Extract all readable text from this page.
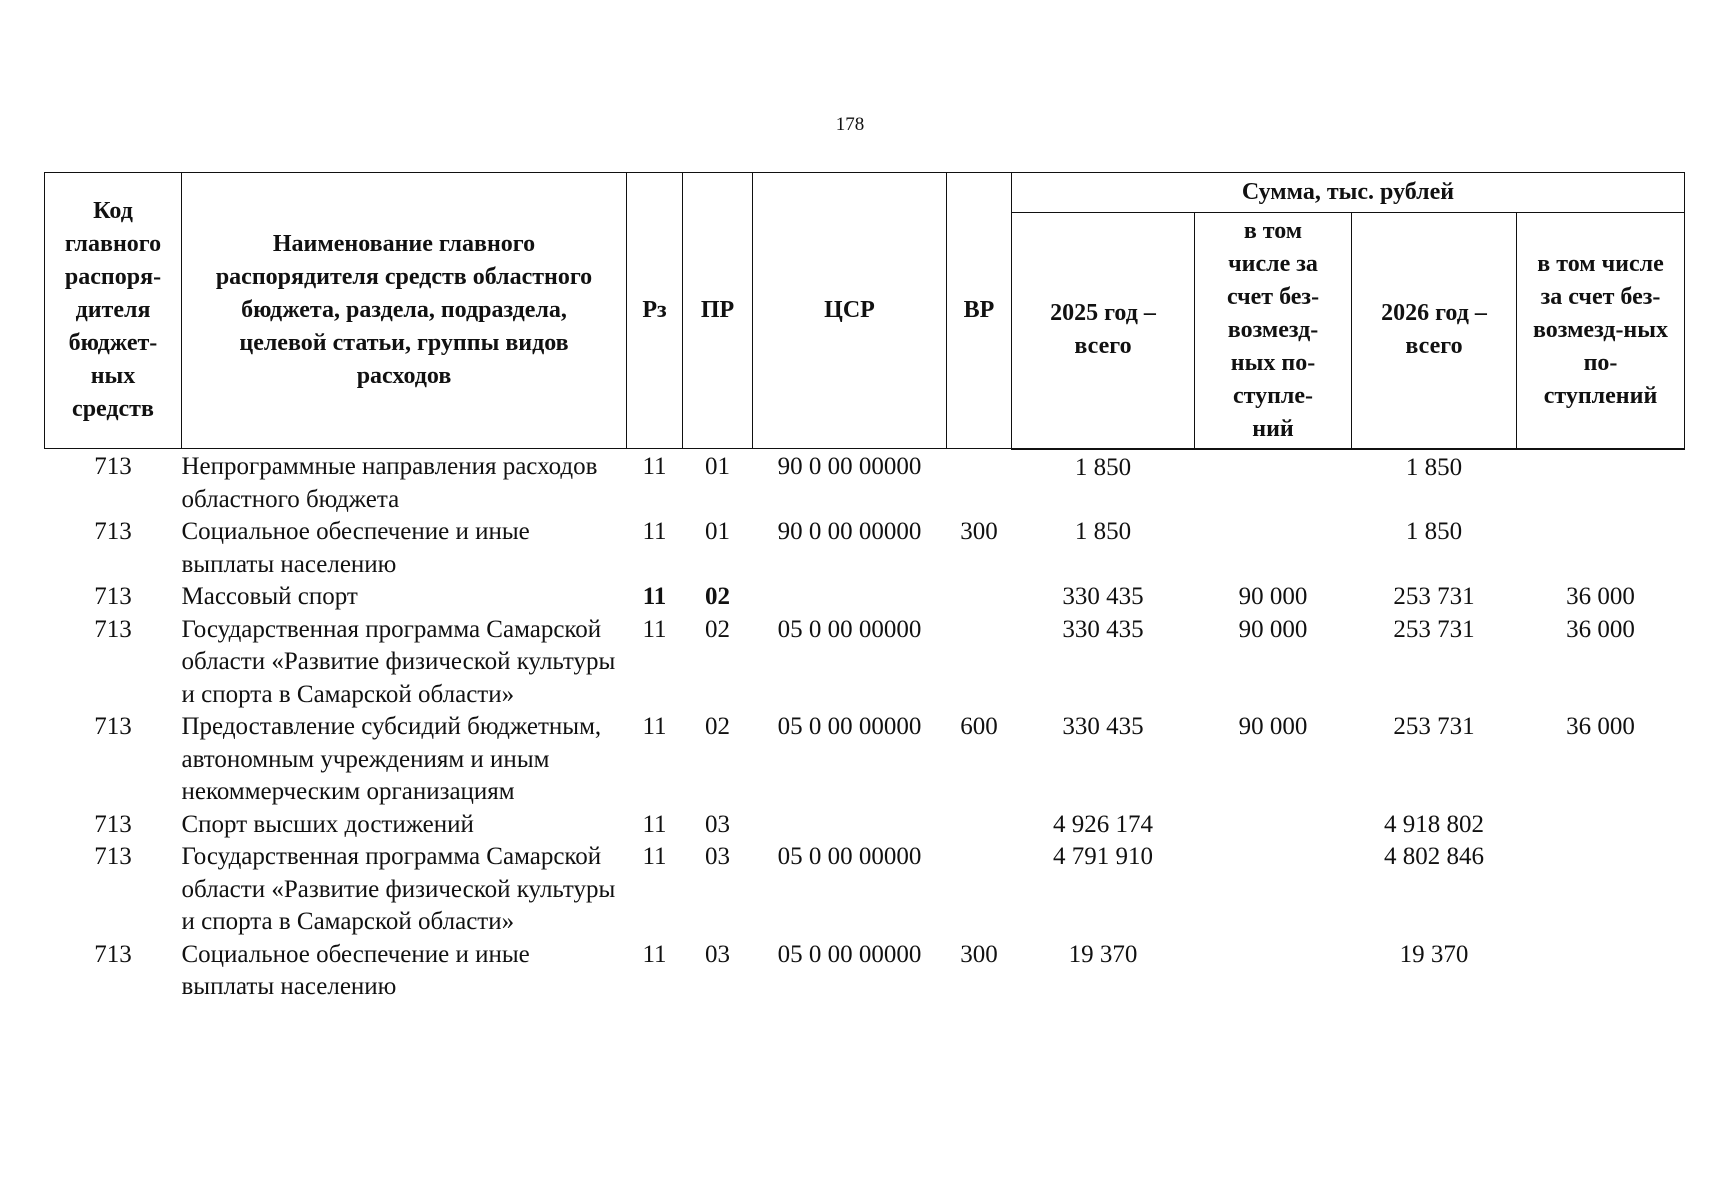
178
Код главного распоря-дителя бюджет-ных средств	Наименование главного распорядителя средств областного бюджета, раздела, подраздела, целевой статьи, группы видов расходов	Рз	ПР	ЦСР	ВР	Сумма, тыс. рублей			
						2025 год – всего	в том числе за счет без-возмезд-ных по-ступле-ний	2026 год – всего	в том числе за счет без-возмезд-ных по-ступлений
713	Непрограммные направления расходов областного бюджета	11	01	90 0 00 00000		1 850		1 850	
713	Социальное обеспечение и иные выплаты населению	11	01	90 0 00 00000	300	1 850		1 850	
713	Массовый спорт	11	02			330 435	90 000	253 731	36 000
713	Государственная программа Самарской области «Развитие физической культуры и спорта в Самарской области»	11	02	05 0 00 00000		330 435	90 000	253 731	36 000
713	Предоставление субсидий бюджетным, автономным учреждениям и иным некоммерческим организациям	11	02	05 0 00 00000	600	330 435	90 000	253 731	36 000
713	Спорт высших достижений	11	03			4 926 174		4 918 802	
713	Государственная программа Самарской области «Развитие физической культуры и спорта в Самарской области»	11	03	05 0 00 00000		4 791 910		4 802 846	
713	Социальное обеспечение и иные выплаты населению	11	03	05 0 00 00000	300	19 370		19 370	
